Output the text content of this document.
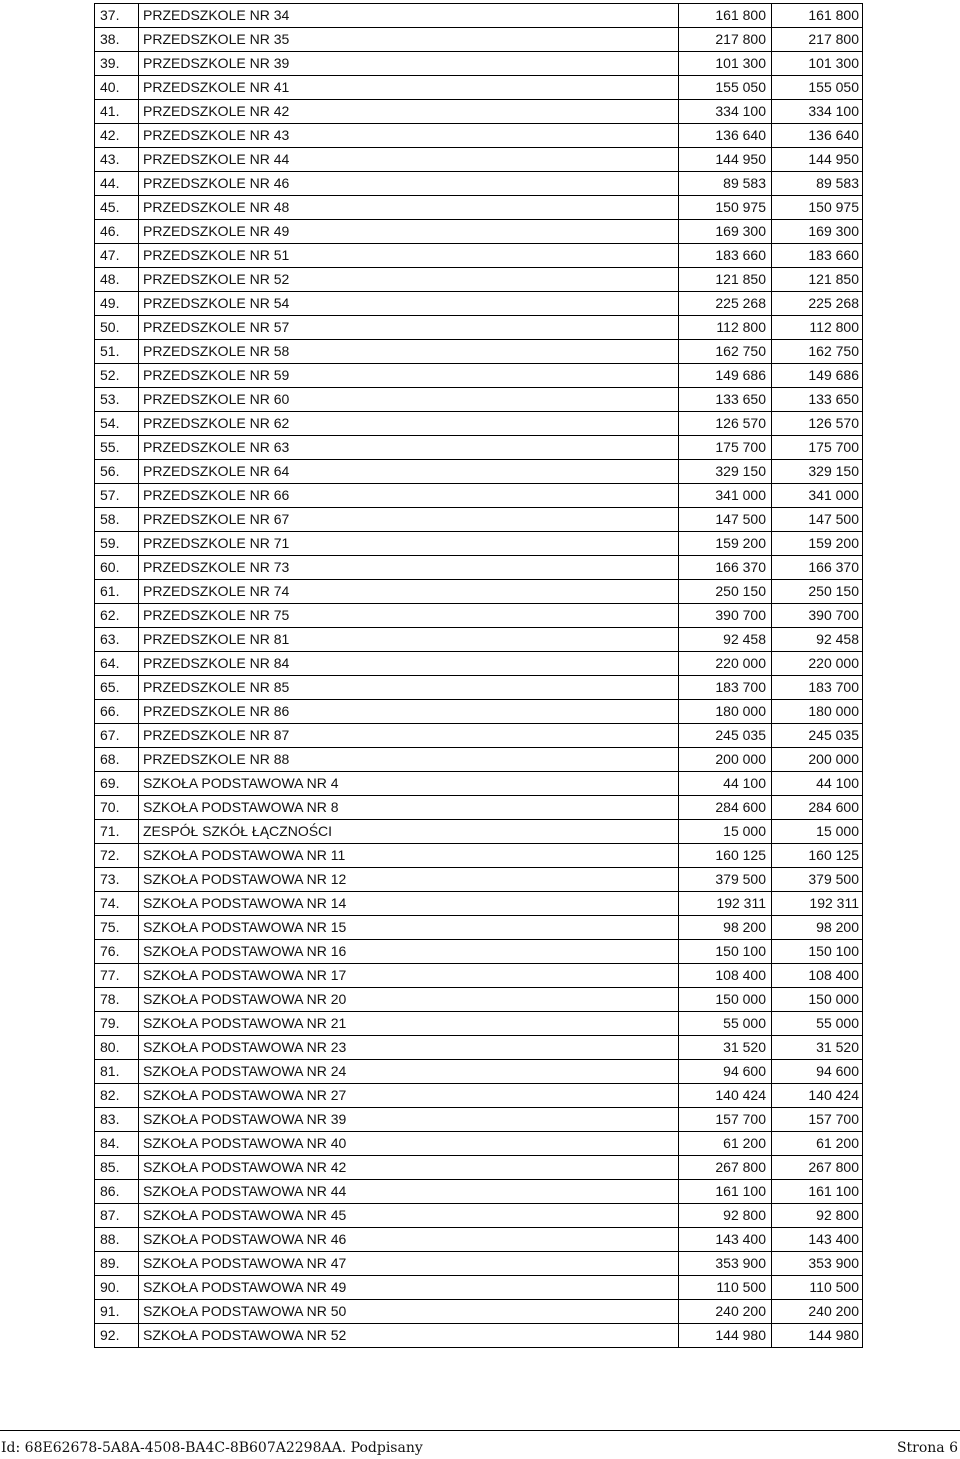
37.	PRZEDSZKOLE NR 34	161 800	161 800
38.	PRZEDSZKOLE NR 35	217 800	217 800
39.	PRZEDSZKOLE NR 39	101 300	101 300
40.	PRZEDSZKOLE NR 41	155 050	155 050
41.	PRZEDSZKOLE NR 42	334 100	334 100
42.	PRZEDSZKOLE NR 43	136 640	136 640
43.	PRZEDSZKOLE NR 44	144 950	144 950
44.	PRZEDSZKOLE NR 46	89 583	89 583
45.	PRZEDSZKOLE NR 48	150 975	150 975
46.	PRZEDSZKOLE NR 49	169 300	169 300
47.	PRZEDSZKOLE NR 51	183 660	183 660
48.	PRZEDSZKOLE NR 52	121 850	121 850
49.	PRZEDSZKOLE NR 54	225 268	225 268
50.	PRZEDSZKOLE NR 57	112 800	112 800
51.	PRZEDSZKOLE NR 58	162 750	162 750
52.	PRZEDSZKOLE NR 59	149 686	149 686
53.	PRZEDSZKOLE NR 60	133 650	133 650
54.	PRZEDSZKOLE NR 62	126 570	126 570
55.	PRZEDSZKOLE NR 63	175 700	175 700
56.	PRZEDSZKOLE NR 64	329 150	329 150
57.	PRZEDSZKOLE NR 66	341 000	341 000
58.	PRZEDSZKOLE NR 67	147 500	147 500
59.	PRZEDSZKOLE NR 71	159 200	159 200
60.	PRZEDSZKOLE NR 73	166 370	166 370
61.	PRZEDSZKOLE NR 74	250 150	250 150
62.	PRZEDSZKOLE NR 75	390 700	390 700
63.	PRZEDSZKOLE NR 81	92 458	92 458
64.	PRZEDSZKOLE NR 84	220 000	220 000
65.	PRZEDSZKOLE NR 85	183 700	183 700
66.	PRZEDSZKOLE NR 86	180 000	180 000
67.	PRZEDSZKOLE NR 87	245 035	245 035
68.	PRZEDSZKOLE NR 88	200 000	200 000
69.	SZKOŁA PODSTAWOWA NR 4	44 100	44 100
70.	SZKOŁA PODSTAWOWA NR 8	284 600	284 600
71.	ZESPÓŁ SZKÓŁ ŁĄCZNOŚCI	15 000	15 000
72.	SZKOŁA PODSTAWOWA NR 11	160 125	160 125
73.	SZKOŁA PODSTAWOWA NR 12	379 500	379 500
74.	SZKOŁA PODSTAWOWA NR 14	192 311	192 311
75.	SZKOŁA PODSTAWOWA NR 15	98 200	98 200
76.	SZKOŁA PODSTAWOWA NR 16	150 100	150 100
77.	SZKOŁA PODSTAWOWA NR 17	108 400	108 400
78.	SZKOŁA PODSTAWOWA NR 20	150 000	150 000
79.	SZKOŁA PODSTAWOWA NR 21	55 000	55 000
80.	SZKOŁA PODSTAWOWA NR 23	31 520	31 520
81.	SZKOŁA PODSTAWOWA NR 24	94 600	94 600
82.	SZKOŁA PODSTAWOWA NR 27	140 424	140 424
83.	SZKOŁA PODSTAWOWA NR 39	157 700	157 700
84.	SZKOŁA PODSTAWOWA NR 40	61 200	61 200
85.	SZKOŁA PODSTAWOWA NR 42	267 800	267 800
86.	SZKOŁA PODSTAWOWA NR 44	161 100	161 100
87.	SZKOŁA PODSTAWOWA NR 45	92 800	92 800
88.	SZKOŁA PODSTAWOWA NR 46	143 400	143 400
89.	SZKOŁA PODSTAWOWA NR 47	353 900	353 900
90.	SZKOŁA PODSTAWOWA NR 49	110 500	110 500
91.	SZKOŁA PODSTAWOWA NR 50	240 200	240 200
92.	SZKOŁA PODSTAWOWA NR 52	144 980	144 980
Id: 68E62678-5A8A-4508-BA4C-8B607A2298AA. Podpisany	Strona 6
